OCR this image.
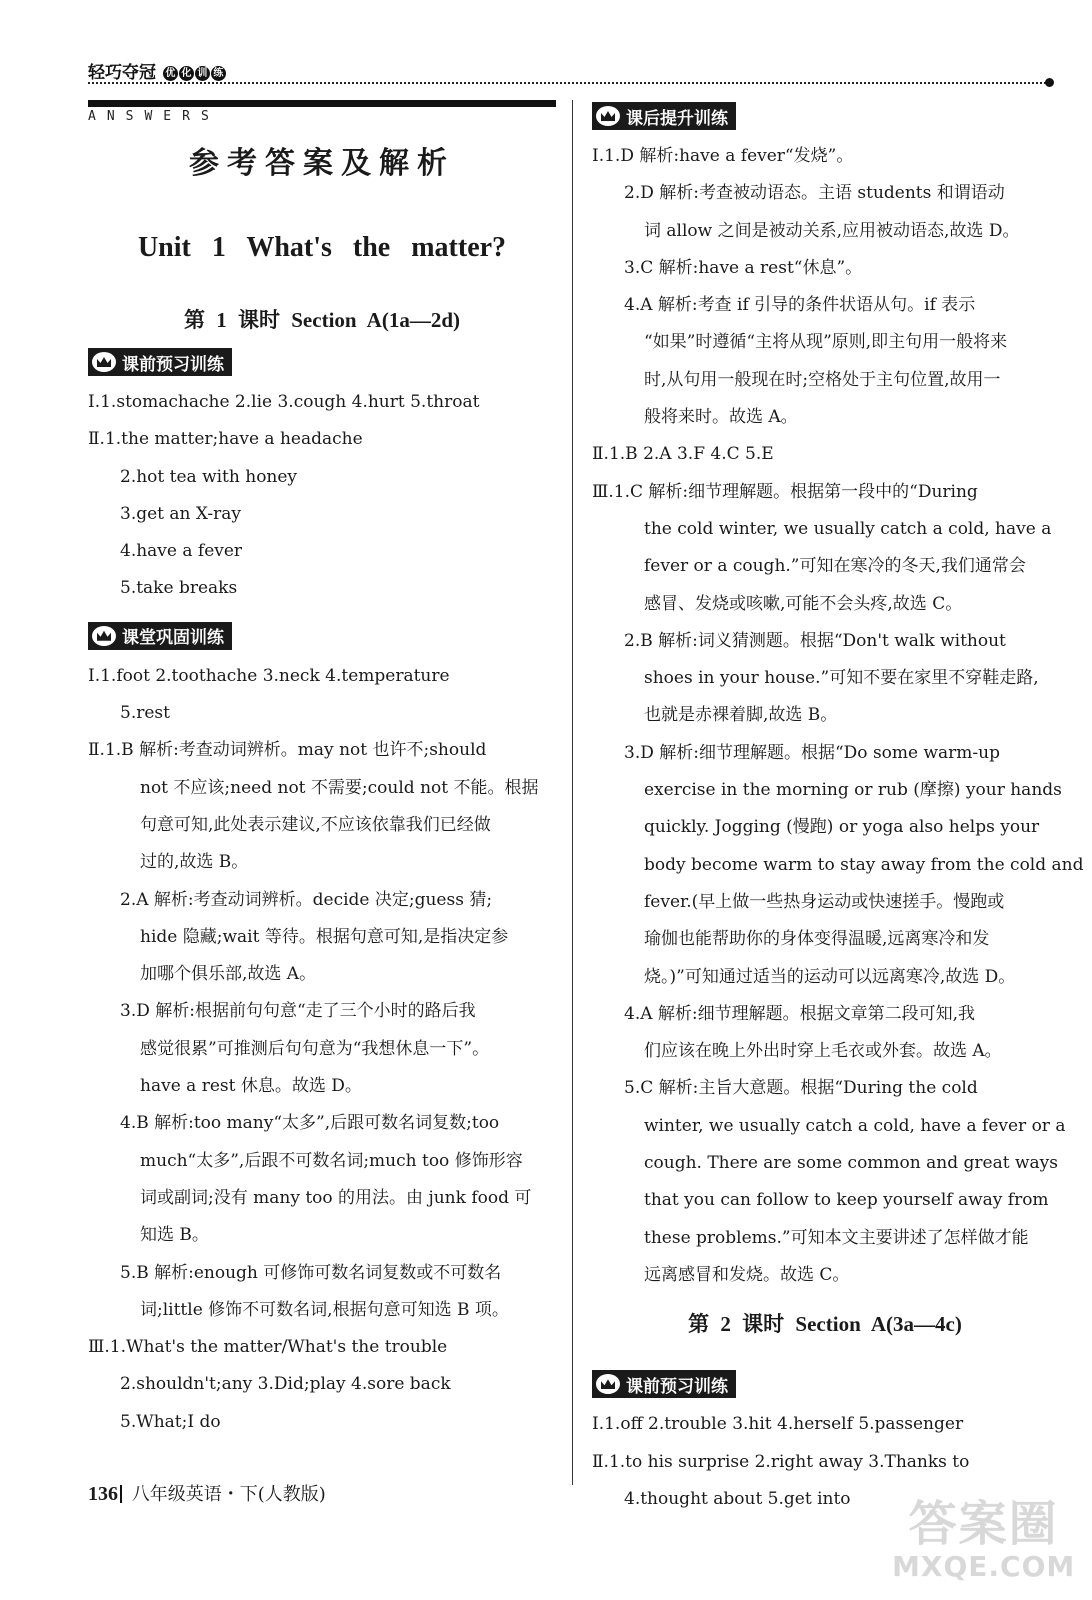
轻巧夺冠 优 化 训 练
ANSWERS
参考答案及解析
Unit 1 What's the matter?
第 1 课时 Section A(1a—2d)
课前预习训练
Ⅰ.1.stomachache 2.lie 3.cough 4.hurt 5.throat
Ⅱ.1.the matter;have a headache
2.hot tea with honey
3.get an X-ray
4.have a fever
5.take breaks
课堂巩固训练
Ⅰ.1.foot 2.toothache 3.neck 4.temperature
5.rest
Ⅱ.1.B 解析:考查动词辨析。may not 也许不;should
not 不应该;need not 不需要;could not 不能。根据
句意可知,此处表示建议,不应该依靠我们已经做
过的,故选 B。
2.A 解析:考查动词辨析。decide 决定;guess 猜;
hide 隐藏;wait 等待。根据句意可知,是指决定参
加哪个俱乐部,故选 A。
3.D 解析:根据前句句意“走了三个小时的路后我
感觉很累”可推测后句句意为“我想休息一下”。
have a rest 休息。故选 D。
4.B 解析:too many“太多”,后跟可数名词复数;too
much“太多”,后跟不可数名词;much too 修饰形容
词或副词;没有 many too 的用法。由 junk food 可
知选 B。
5.B 解析:enough 可修饰可数名词复数或不可数名
词;little 修饰不可数名词,根据句意可知选 B 项。
Ⅲ.1.What's the matter/What's the trouble
2.shouldn't;any 3.Did;play 4.sore back
5.What;I do
课后提升训练
Ⅰ.1.D 解析:have a fever“发烧”。
2.D 解析:考查被动语态。主语 students 和谓语动
词 allow 之间是被动关系,应用被动语态,故选 D。
3.C 解析:have a rest“休息”。
4.A 解析:考查 if 引导的条件状语从句。if 表示
“如果”时遵循“主将从现”原则,即主句用一般将来
时,从句用一般现在时;空格处于主句位置,故用一
般将来时。故选 A。
Ⅱ.1.B 2.A 3.F 4.C 5.E
Ⅲ.1.C 解析:细节理解题。根据第一段中的“During
the cold winter, we usually catch a cold, have a
fever or a cough.”可知在寒冷的冬天,我们通常会
感冒、发烧或咳嗽,可能不会头疼,故选 C。
2.B 解析:词义猜测题。根据“Don't walk without
shoes in your house.”可知不要在家里不穿鞋走路,
也就是赤裸着脚,故选 B。
3.D 解析:细节理解题。根据“Do some warm-up
exercise in the morning or rub (摩擦) your hands
quickly. Jogging (慢跑) or yoga also helps your
body become warm to stay away from the cold and
fever.(早上做一些热身运动或快速搓手。慢跑或
瑜伽也能帮助你的身体变得温暖,远离寒冷和发
烧。)”可知通过适当的运动可以远离寒冷,故选 D。
4.A 解析:细节理解题。根据文章第二段可知,我
们应该在晚上外出时穿上毛衣或外套。故选 A。
5.C 解析:主旨大意题。根据“During the cold
winter, we usually catch a cold, have a fever or a
cough. There are some common and great ways
that you can follow to keep yourself away from
these problems.”可知本文主要讲述了怎样做才能
远离感冒和发烧。故选 C。
第 2 课时 Section A(3a—4c)
课前预习训练
Ⅰ.1.off 2.trouble 3.hit 4.herself 5.passenger
Ⅱ.1.to his surprise 2.right away 3.Thanks to
4.thought about 5.get into
136 八年级英语・下(人教版)
答案圈
MXQE.COM
